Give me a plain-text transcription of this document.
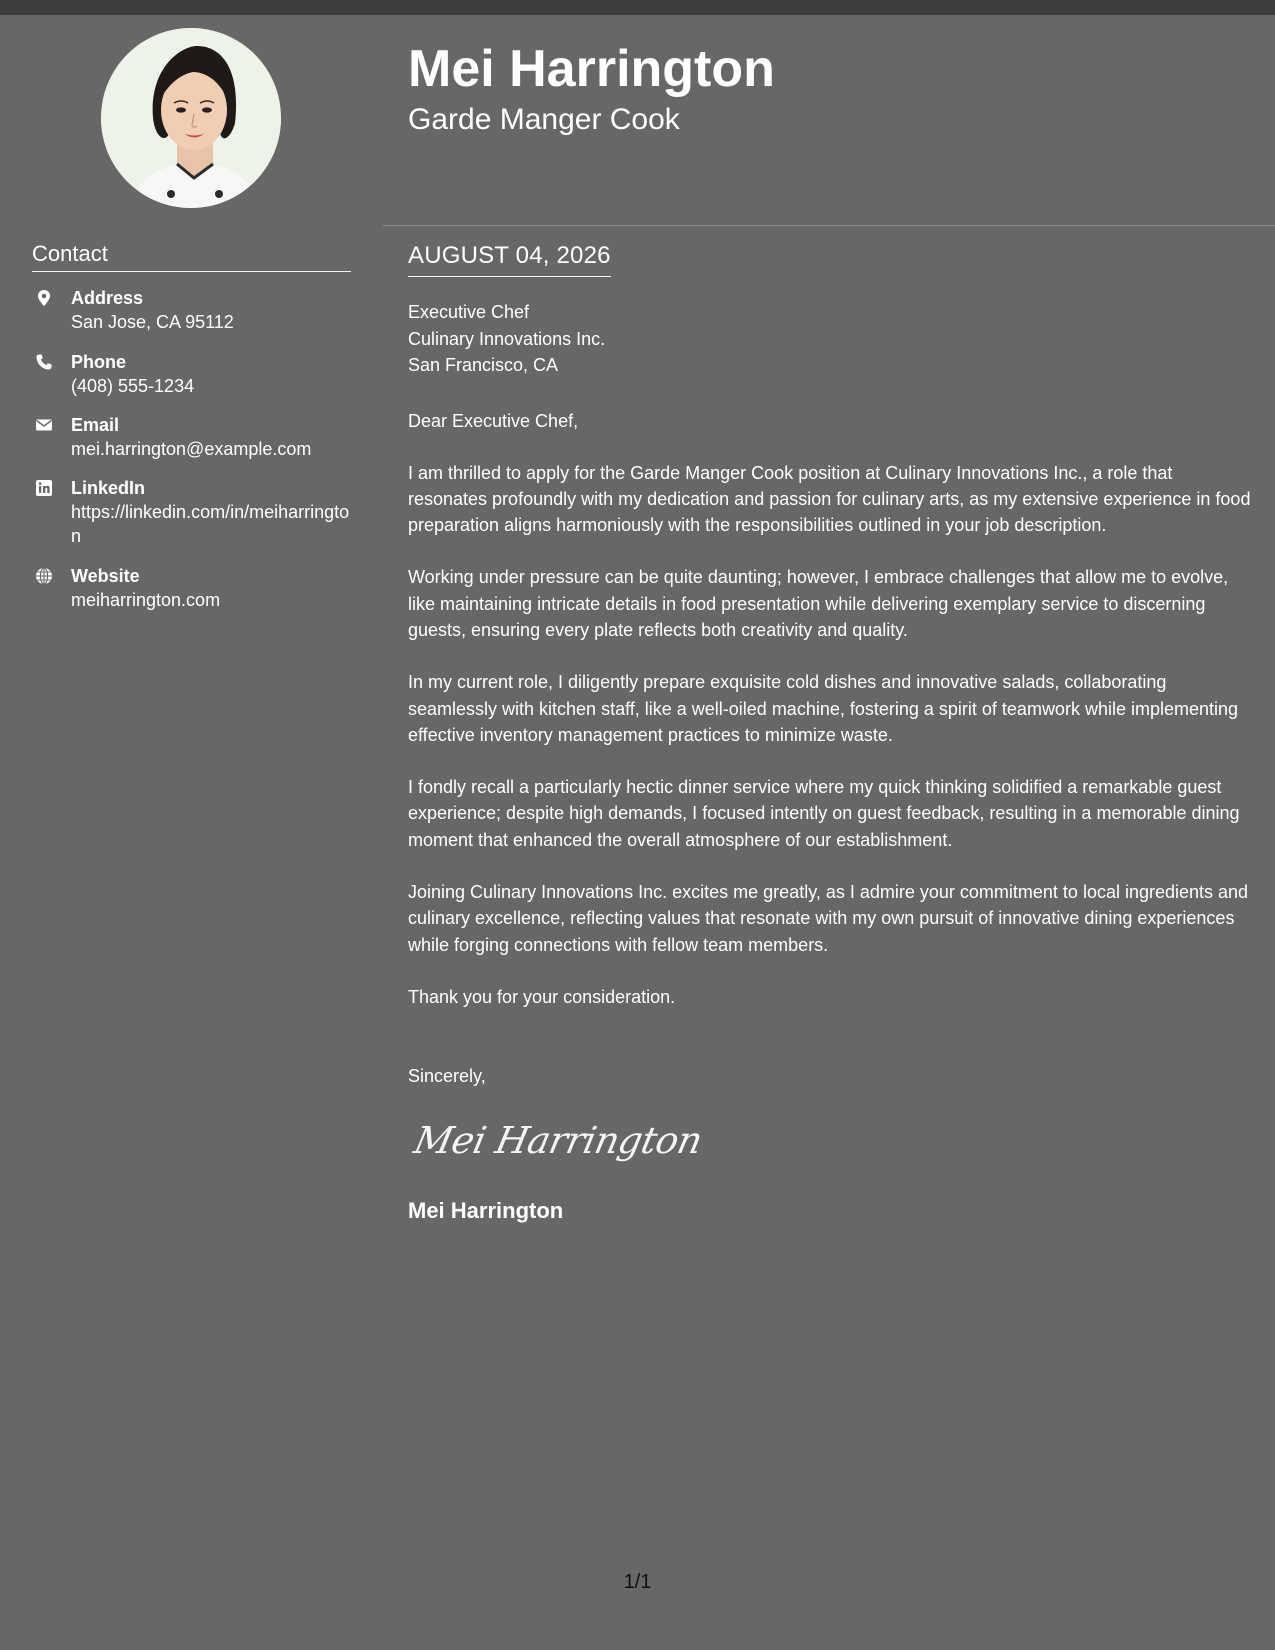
Contact
Address
San Jose, CA 95112
Phone
(408) 555-1234
Email
mei.harrington@example.com
LinkedIn
https://linkedin.com/in/meiharrington
Website
meiharrington.com
Mei Harrington
Garde Manger Cook
AUGUST 04, 2026
Executive Chef
Culinary Innovations Inc.
San Francisco, CA

Dear Executive Chef,

I am thrilled to apply for the Garde Manger Cook position at Culinary Innovations Inc., a role that resonates profoundly with my dedication and passion for culinary arts, as my extensive experience in food preparation aligns harmoniously with the responsibilities outlined in your job description.

Working under pressure can be quite daunting; however, I embrace challenges that allow me to evolve, like maintaining intricate details in food presentation while delivering exemplary service to discerning guests, ensuring every plate reflects both creativity and quality.

In my current role, I diligently prepare exquisite cold dishes and innovative salads, collaborating seamlessly with kitchen staff, like a well-oiled machine, fostering a spirit of teamwork while implementing effective inventory management practices to minimize waste.

I fondly recall a particularly hectic dinner service where my quick thinking solidified a remarkable guest experience; despite high demands, I focused intently on guest feedback, resulting in a memorable dining moment that enhanced the overall atmosphere of our establishment.

Joining Culinary Innovations Inc. excites me greatly, as I admire your commitment to local ingredients and culinary excellence, reflecting values that resonate with my own pursuit of innovative dining experiences while forging connections with fellow team members.

Thank you for your consideration.

Sincerely,

Mei Harrington
Mei Harrington
1/1
